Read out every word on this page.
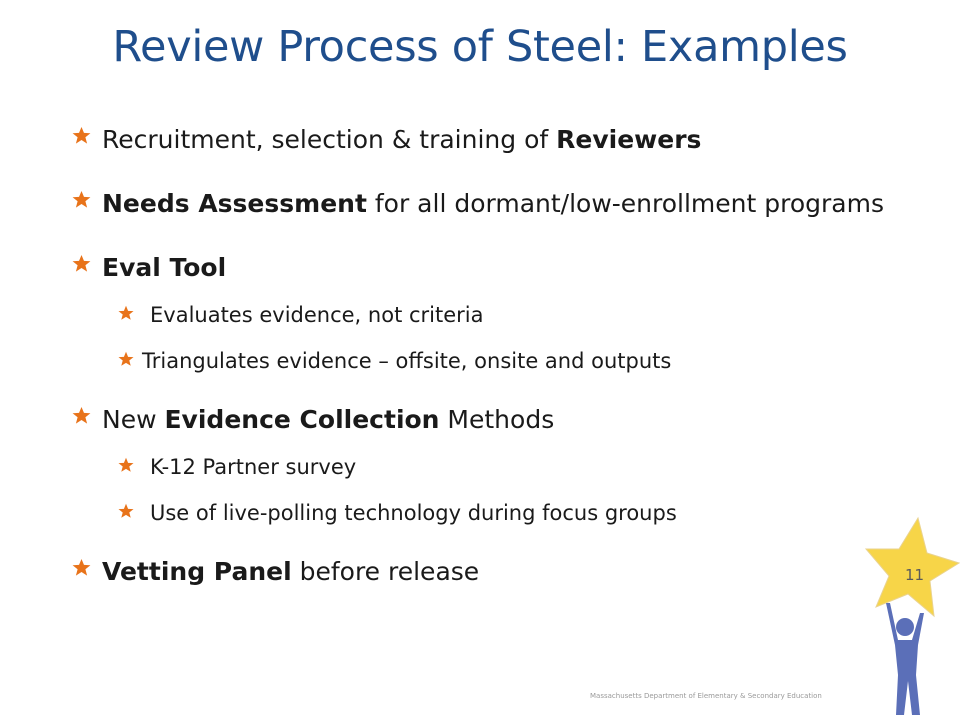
Review Process of Steel: Examples
Recruitment, selection & training of Reviewers
Needs Assessment for all dormant/low-enrollment programs
Eval Tool
Evaluates evidence, not criteria
Triangulates evidence – offsite, onsite and outputs
New Evidence Collection Methods
K-12 Partner survey
Use of live-polling technology during focus groups
Vetting Panel before release	11
Massachusetts Department of Elementary & Secondary Education
